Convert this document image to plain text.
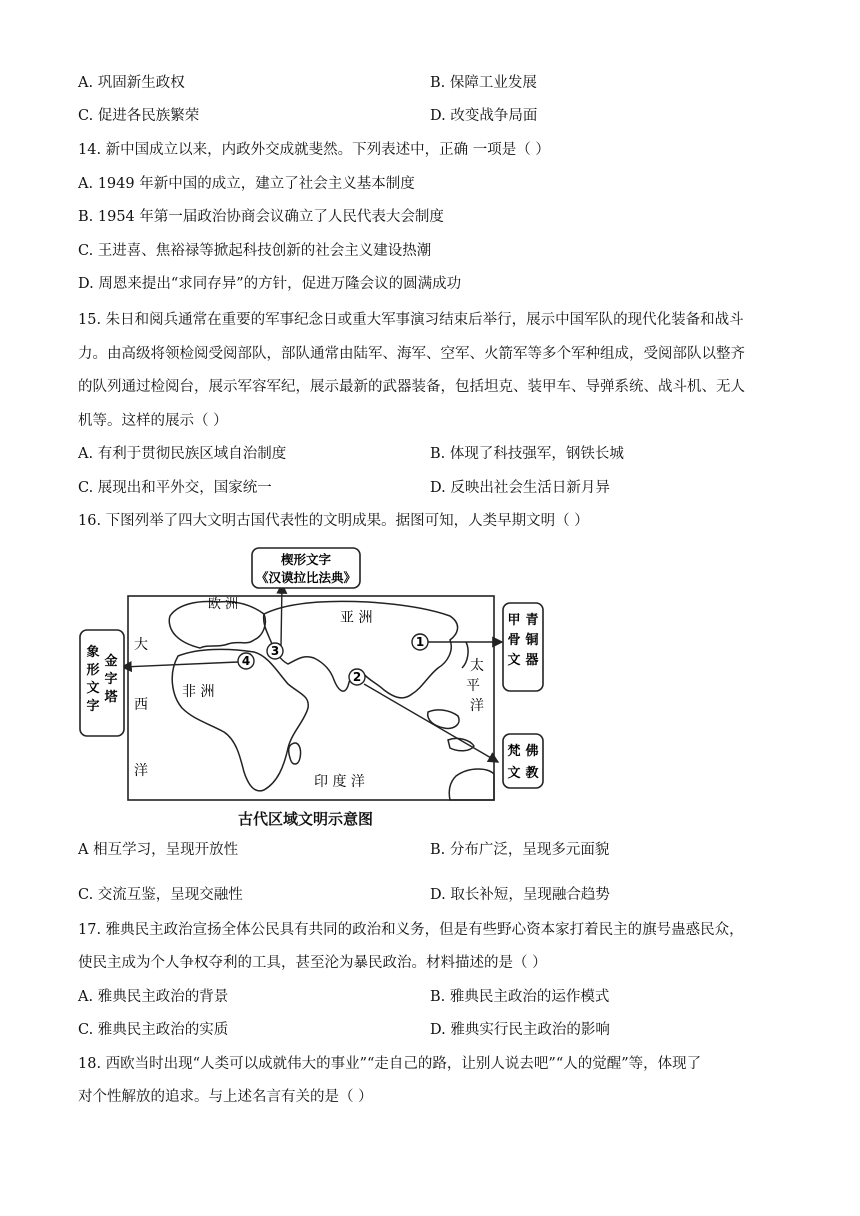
A. 巩固新生政权	B. 保障工业发展
C. 促进各民族繁荣	D. 改变战争局面
14. 新中国成立以来，内政外交成就斐然。下列表述中，正确 一项是（ ）
A. 1949 年新中国的成立，建立了社会主义基本制度
B. 1954 年第一届政治协商会议确立了人民代表大会制度
C. 王进喜、焦裕禄等掀起科技创新的社会主义建设热潮
D. 周恩来提出“求同存异”的方针，促进万隆会议的圆满成功
15. 朱日和阅兵通常在重要的军事纪念日或重大军事演习结束后举行，展示中国军队的现代化装备和战斗
力。由高级将领检阅受阅部队，部队通常由陆军、海军、空军、火箭军等多个军种组成，受阅部队以整齐
的队列通过检阅台，展示军容军纪，展示最新的武器装备，包括坦克、装甲车、导弹系统、战斗机、无人
机等。这样的展示（ ）
A. 有利于贯彻民族区域自治制度	B. 体现了科技强军，钢铁长城
C. 展现出和平外交，国家统一	D. 反映出社会生活日新月异
16. 下图列举了四大文明古国代表性的文明成果。据图可知，人类早期文明（ ）
欧 洲
亚 洲
非 洲
大
西
洋
太
平
洋
印 度 洋
1
2
3
4
楔形文字
《汉谟拉比法典》
象形文字
金字塔
甲骨文
青铜器
梵文
佛教
古代区域文明示意图
A 相互学习，呈现开放性	B. 分布广泛，呈现多元面貌
C. 交流互鉴，呈现交融性	D. 取长补短，呈现融合趋势
17. 雅典民主政治宣扬全体公民具有共同的政治和义务，但是有些野心资本家打着民主的旗号蛊惑民众，
使民主成为个人争权夺利的工具，甚至沦为暴民政治。材料描述的是（ ）
A. 雅典民主政治的背景	B. 雅典民主政治的运作模式
C. 雅典民主政治的实质	D. 雅典实行民主政治的影响
18. 西欧当时出现“人类可以成就伟大的事业”“走自己的路，让别人说去吧”“人的觉醒”等，体现了
对个性解放的追求。与上述名言有关的是（ ）
